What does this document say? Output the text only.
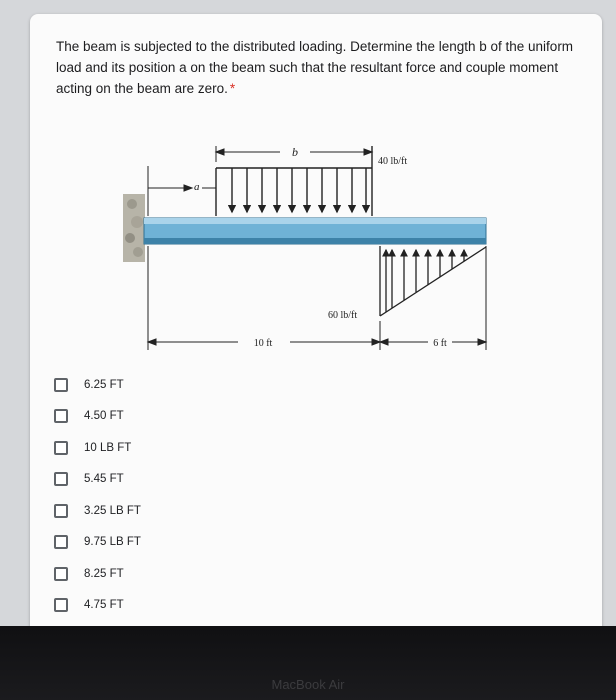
The beam is subjected to the distributed loading. Determine the length b of the uniform load and its position a on the beam such that the resultant force and couple moment acting on the beam are zero. *
b
a
40 lb/ft
60 lb/ft
10 ft	6 ft
6.25 FT
4.50 FT
10 LB FT
5.45 FT
3.25 LB FT
9.75 LB FT
8.25 FT
4.75 FT
MacBook Air
